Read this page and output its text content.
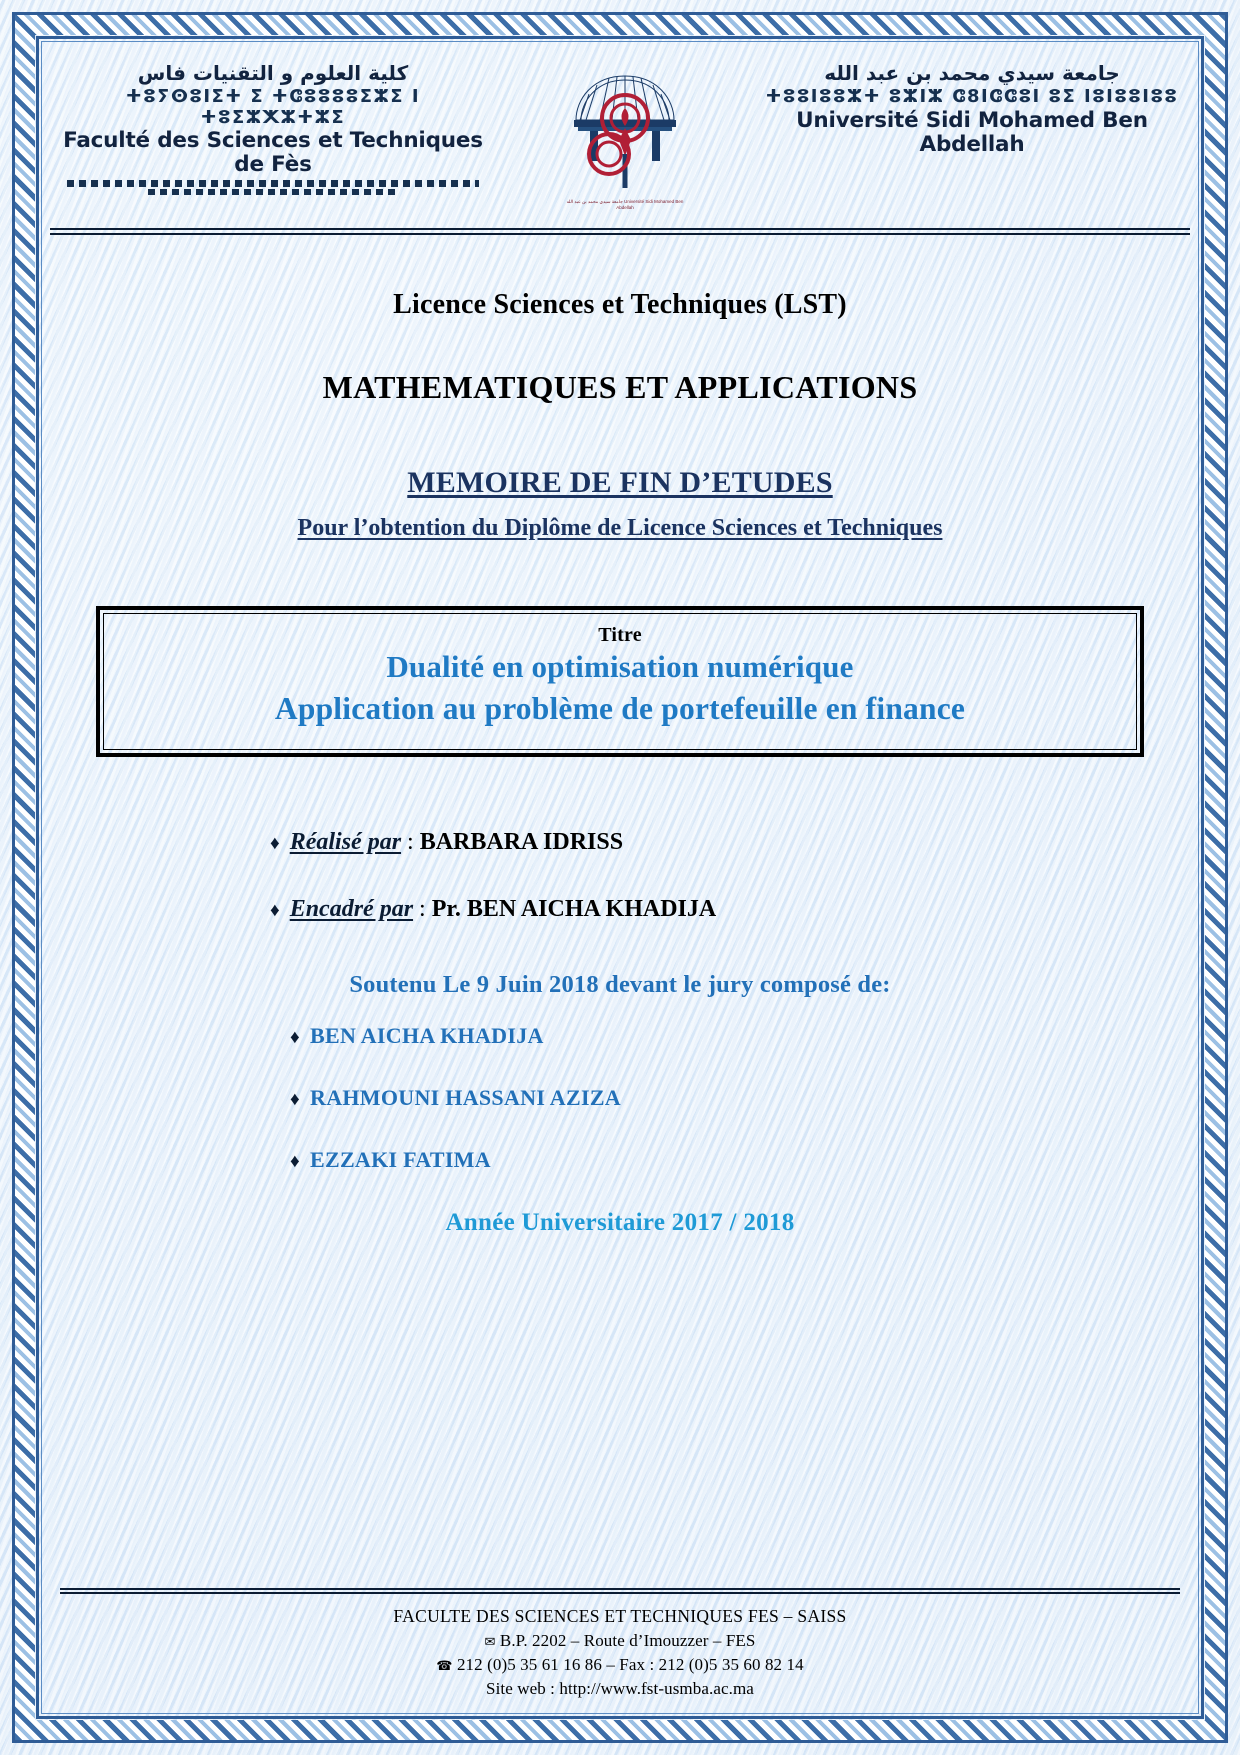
كلية العلوم و التقنيات فاس
ⵜⵓⵢⵙⵓⵏⵉⵜ ⵉ ⵜⵛⵓⵓⵓⵓⵉⵣⵉ ⵏ ⵜⵓⵉⵣⵅⵣⵜⵣⵉ
Faculté des Sciences et Techniques de Fès
جامعة سيدي محمد بن عبد الله Université Sidi Mohamed Ben Abdellah
جامعة سيدي محمد بن عبد الله
ⵜⵓⵓⵏⵓⵓⵣⵜ ⵓⵣⵏⵣ ⵛ8ⵏⵛⵛⵓⵏ ⵓⵉ ⵏⵓⵏⵓⵓⵏⵓⵓ
Université Sidi Mohamed Ben Abdellah
Licence Sciences et Techniques (LST)
MATHEMATIQUES ET APPLICATIONS
MEMOIRE DE FIN D’ETUDES
Pour l’obtention du Diplôme de Licence Sciences et Techniques
Titre
Dualité en optimisation numérique
Application au problème de portefeuille en finance
♦ Réalisé par : BARBARA IDRISS
♦ Encadré par : Pr. BEN AICHA KHADIJA
Soutenu Le 9 Juin 2018 devant le jury composé de:
♦ BEN AICHA KHADIJA
♦ RAHMOUNI HASSANI AZIZA
♦ EZZAKI FATIMA
Année Universitaire 2017 / 2018
FACULTE DES SCIENCES ET TECHNIQUES FES – SAISS
✉ B.P. 2202 – Route d’Imouzzer – FES
☎ 212 (0)5 35 61 16 86 – Fax : 212 (0)5 35 60 82 14
Site web : http://www.fst-usmba.ac.ma
